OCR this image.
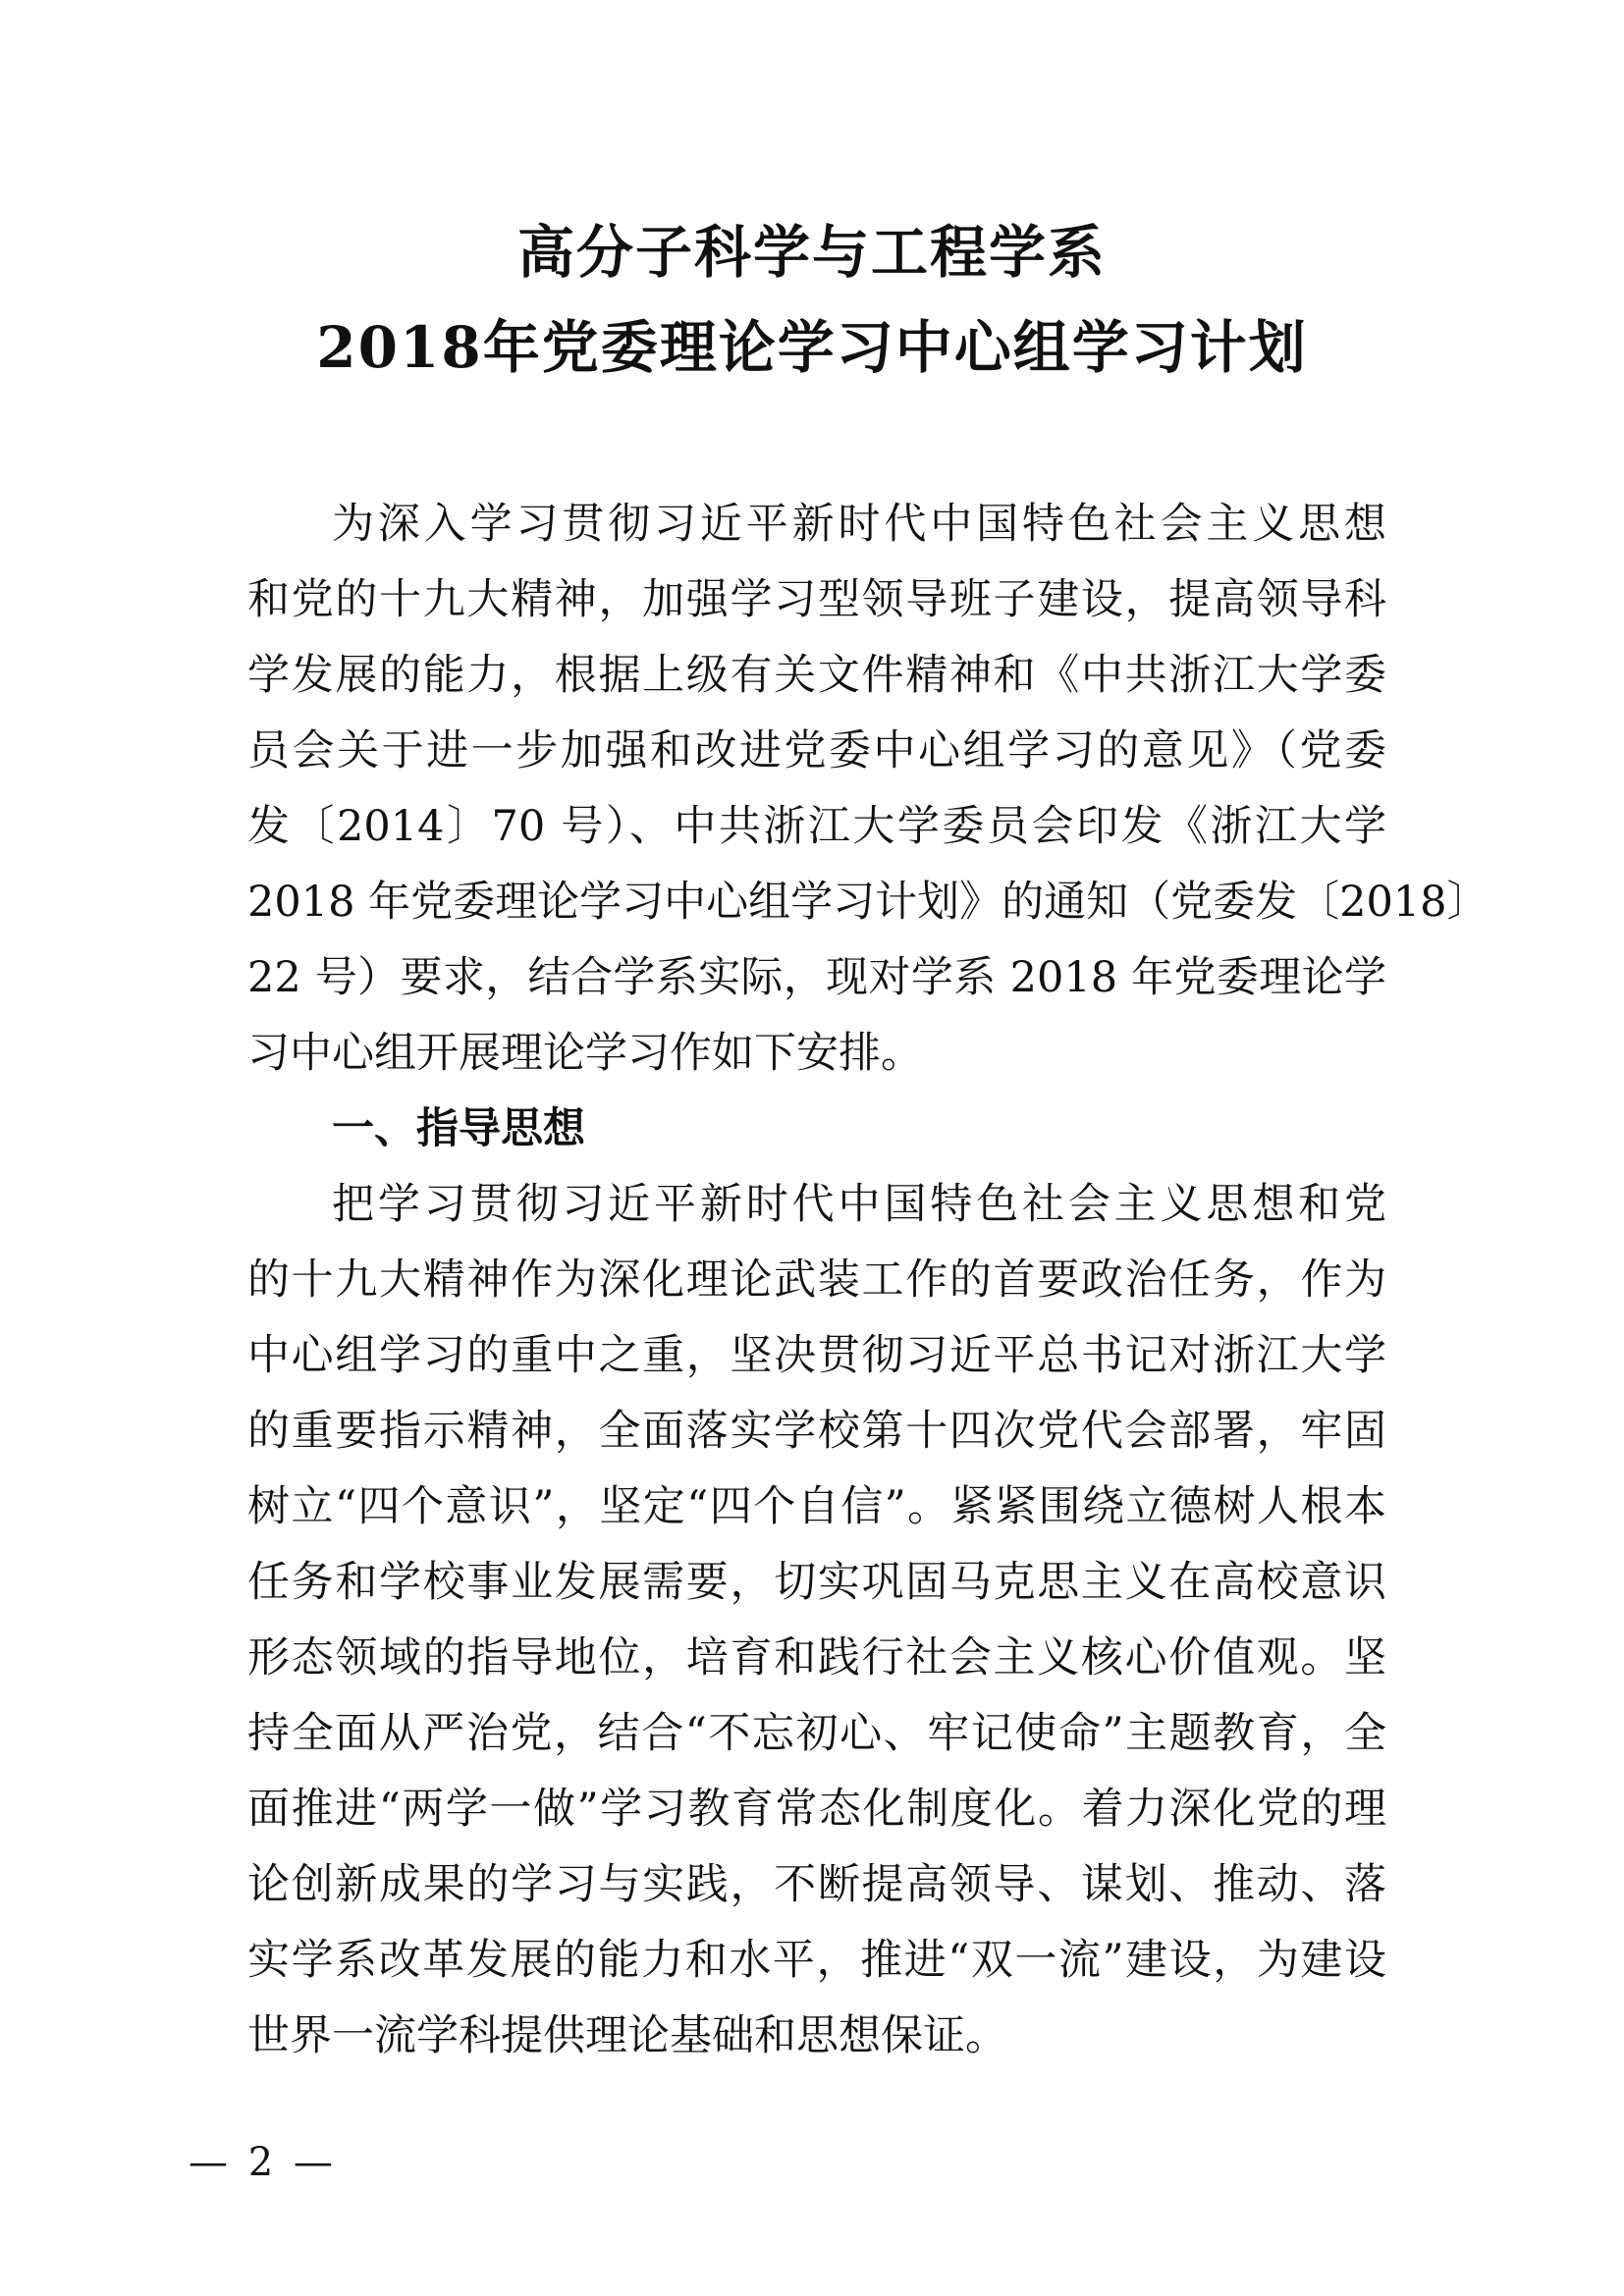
高分子科学与工程学系
2018年党委理论学习中心组学习计划
为深入学习贯彻习近平新时代中国特色社会主义思想
和党的十九大精神，加强学习型领导班子建设，提高领导科
学发展的能力，根据上级有关文件精神和《中共浙江大学委
员会关于进一步加强和改进党委中心组学习的意见》（党委
发〔2014〕70 号）、中共浙江大学委员会印发《浙江大学
2018 年党委理论学习中心组学习计划》的通知（党委发〔2018〕
22 号）要求，结合学系实际，现对学系 2018 年党委理论学
习中心组开展理论学习作如下安排。
一、指导思想
把学习贯彻习近平新时代中国特色社会主义思想和党
的十九大精神作为深化理论武装工作的首要政治任务，作为
中心组学习的重中之重，坚决贯彻习近平总书记对浙江大学
的重要指示精神，全面落实学校第十四次党代会部署，牢固
树立“四个意识”，坚定“四个自信”。紧紧围绕立德树人根本
任务和学校事业发展需要，切实巩固马克思主义在高校意识
形态领域的指导地位，培育和践行社会主义核心价值观。坚
持全面从严治党，结合“不忘初心、牢记使命”主题教育，全
面推进“两学一做”学习教育常态化制度化。着力深化党的理
论创新成果的学习与实践，不断提高领导、谋划、推动、落
实学系改革发展的能力和水平，推进“双一流”建设，为建设
世界一流学科提供理论基础和思想保证。
— 2 —
